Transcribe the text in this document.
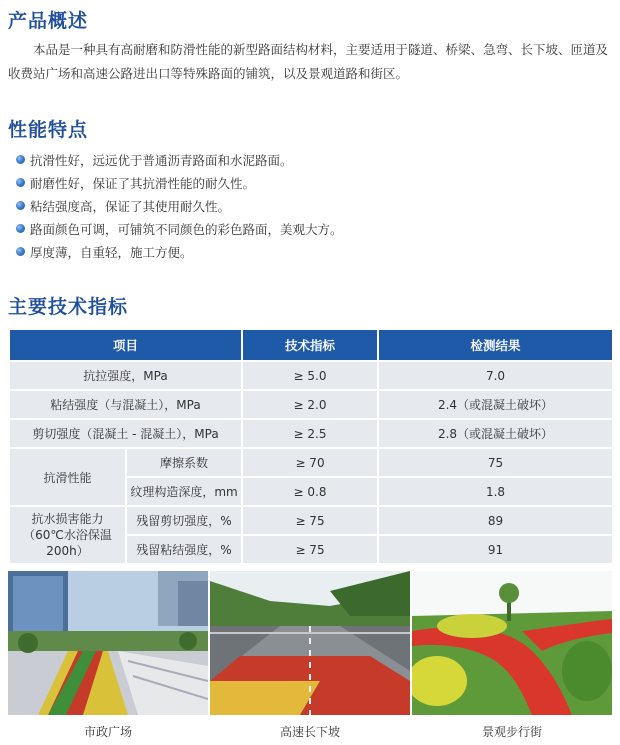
产品概述
本品是一种具有高耐磨和防滑性能的新型路面结构材料，主要适用于隧道、桥梁、急弯、长下坡、匝道及收费站广场和高速公路进出口等特殊路面的铺筑，以及景观道路和街区。
性能特点
抗滑性好，远远优于普通沥青路面和水泥路面。
耐磨性好，保证了其抗滑性能的耐久性。
粘结强度高，保证了其使用耐久性。
路面颜色可调，可铺筑不同颜色的彩色路面，美观大方。
厚度薄，自重轻，施工方便。
主要技术指标
项目		技术指标	检测结果
抗拉强度，MPa		≥ 5.0	7.0
粘结强度（与混凝土），MPa		≥ 2.0	2.4（或混凝土破坏）
剪切强度（混凝土 - 混凝土），MPa		≥ 2.5	2.8（或混凝土破坏）
抗滑性能	摩擦系数	≥ 70	75
	纹理构造深度，mm	≥ 0.8	1.8

抗水损害能力
（60℃水浴保温
200h）	残留剪切强度，%	≥ 75	89
	残留粘结强度，%	≥ 75	91
市政广场	高速长下坡	景观步行街
